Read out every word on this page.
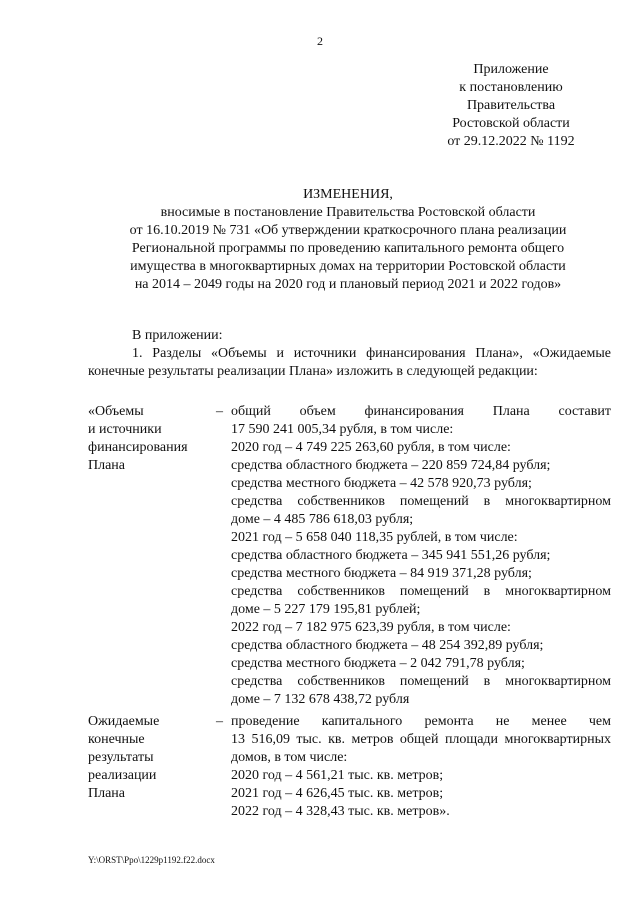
2
Приложение
к постановлению
Правительства
Ростовской области
от 29.12.2022 № 1192
ИЗМЕНЕНИЯ,
вносимые в постановление Правительства Ростовской области
от 16.10.2019 № 731 «Об утверждении краткосрочного плана реализации
Региональной программы по проведению капитального ремонта общего
имущества в многоквартирных домах на территории Ростовской области
на 2014 – 2049 годы на 2020 год и плановый период 2021 и 2022 годов»
В приложении:
1. Разделы «Объемы и источники финансирования Плана», «Ожидаемые
конечные результаты реализации Плана» изложить в следующей редакции:
«Объемы
и источники
финансирования
Плана
– общий объем финансирования Плана составит
17 590 241 005,34 рубля, в том числе:
2020 год – 4 749 225 263,60 рубля, в том числе:
средства областного бюджета – 220 859 724,84 рубля;
средства местного бюджета – 42 578 920,73 рубля;
средства собственников помещений в многоквартирном
доме – 4 485 786 618,03 рубля;
2021 год – 5 658 040 118,35 рублей, в том числе:
средства областного бюджета – 345 941 551,26 рубля;
средства местного бюджета – 84 919 371,28 рубля;
средства собственников помещений в многоквартирном
доме – 5 227 179 195,81 рублей;
2022 год – 7 182 975 623,39 рубля, в том числе:
средства областного бюджета – 48 254 392,89 рубля;
средства местного бюджета – 2 042 791,78 рубля;
средства собственников помещений в многоквартирном
доме – 7 132 678 438,72 рубля
Ожидаемые
конечные
результаты
реализации
Плана
– проведение капитального ремонта не менее чем
13 516,09 тыс. кв. метров общей площади многоквартирных
домов, в том числе:
2020 год – 4 561,21 тыс. кв. метров;
2021 год – 4 626,45 тыс. кв. метров;
2022 год – 4 328,43 тыс. кв. метров».
Y:\ORST\Ppo\1229p1192.f22.docx
